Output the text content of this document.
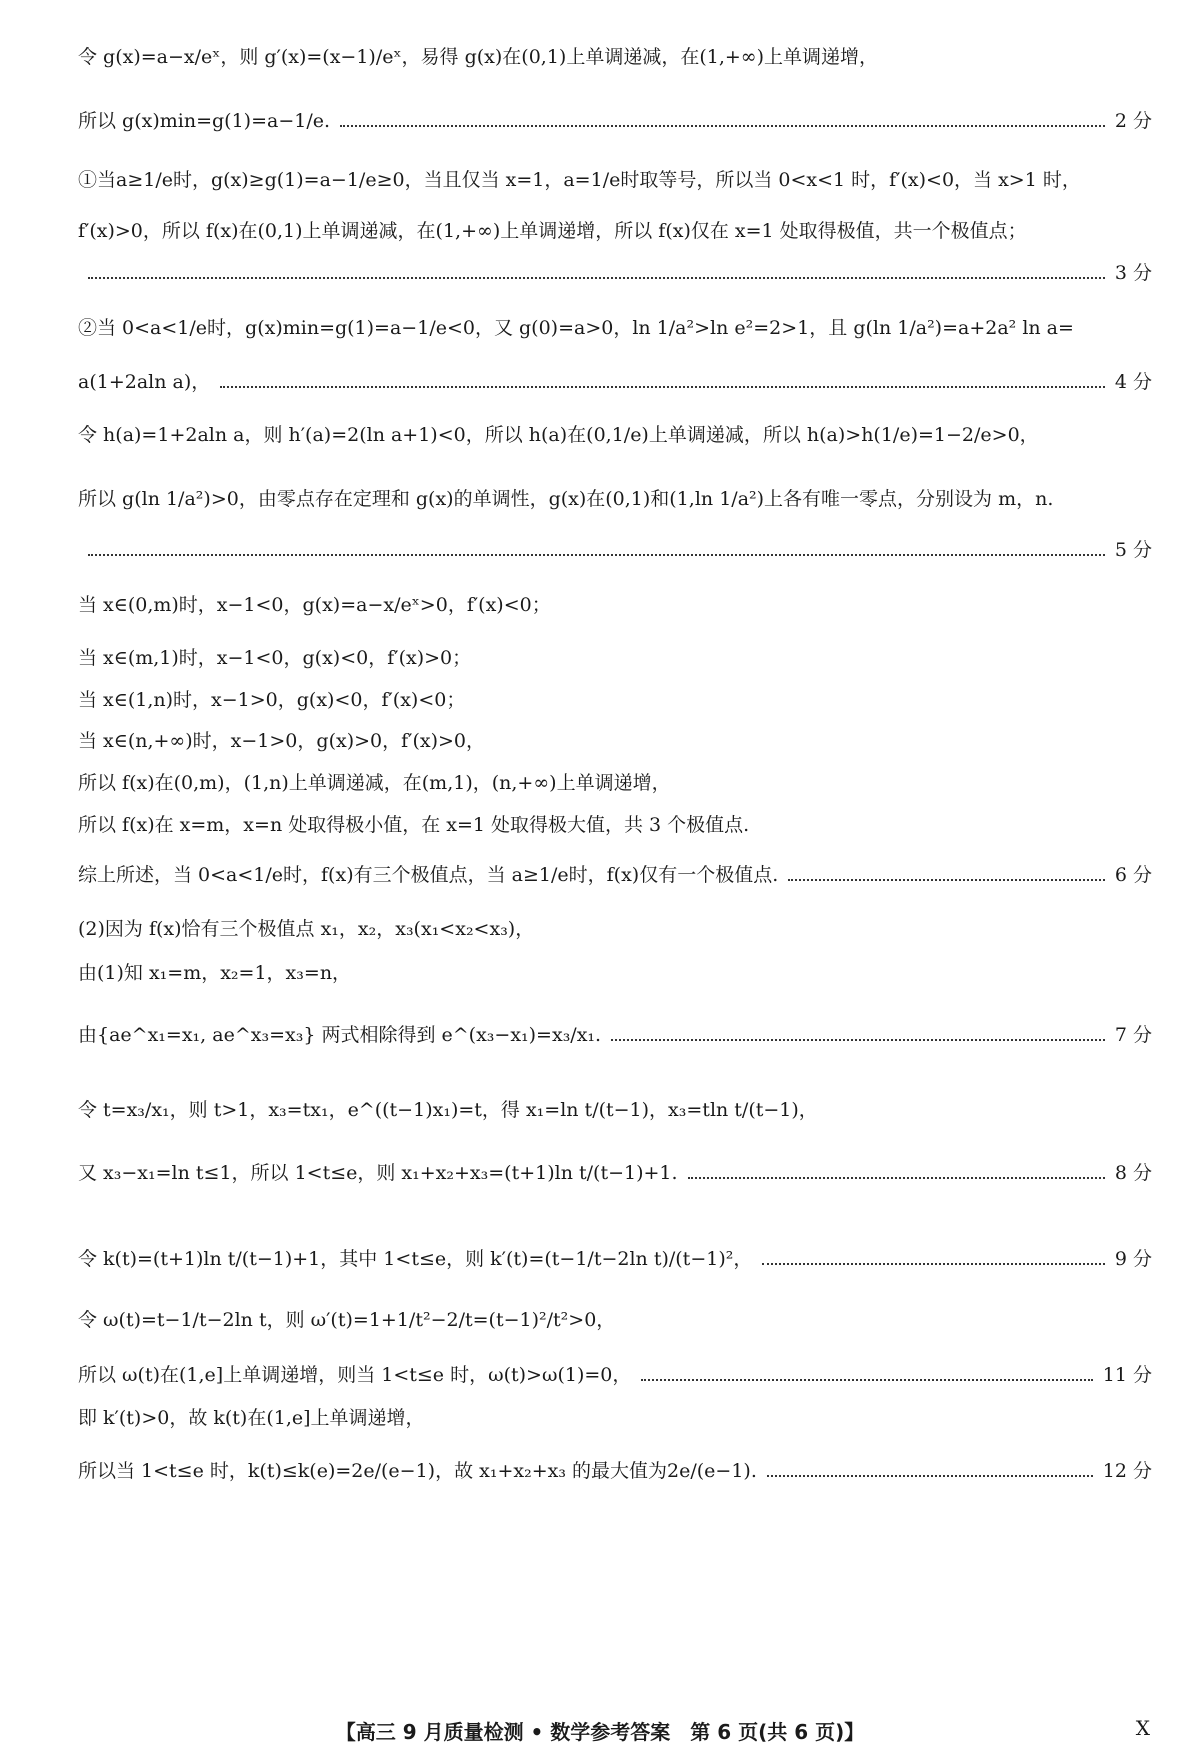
令 g(x)=a−x/eˣ，则 g′(x)=(x−1)/eˣ，易得 g(x)在(0,1)上单调递减，在(1,+∞)上单调递增，
所以 g(x)min=g(1)=a−1/e.	2 分
①当a≥1/e时，g(x)≥g(1)=a−1/e≥0，当且仅当 x=1，a=1/e时取等号，所以当 0<x<1 时，f′(x)<0，当 x>1 时，
f′(x)>0，所以 f(x)在(0,1)上单调递减，在(1,+∞)上单调递增，所以 f(x)仅在 x=1 处取得极值，共一个极值点；
3 分
②当 0<a<1/e时，g(x)min=g(1)=a−1/e<0，又 g(0)=a>0，ln 1/a²>ln e²=2>1，且 g(ln 1/a²)=a+2a² ln a=
a(1+2aln a)，	4 分
令 h(a)=1+2aln a，则 h′(a)=2(ln a+1)<0，所以 h(a)在(0,1/e)上单调递减，所以 h(a)>h(1/e)=1−2/e>0，
所以 g(ln 1/a²)>0，由零点存在定理和 g(x)的单调性，g(x)在(0,1)和(1,ln 1/a²)上各有唯一零点，分别设为 m，n.
5 分
当 x∈(0,m)时，x−1<0，g(x)=a−x/eˣ>0，f′(x)<0；
当 x∈(m,1)时，x−1<0，g(x)<0，f′(x)>0；
当 x∈(1,n)时，x−1>0，g(x)<0，f′(x)<0；
当 x∈(n,+∞)时，x−1>0，g(x)>0，f′(x)>0，
所以 f(x)在(0,m)，(1,n)上单调递减，在(m,1)，(n,+∞)上单调递增，
所以 f(x)在 x=m，x=n 处取得极小值，在 x=1 处取得极大值，共 3 个极值点.
综上所述，当 0<a<1/e时，f(x)有三个极值点，当 a≥1/e时，f(x)仅有一个极值点.	6 分
(2)因为 f(x)恰有三个极值点 x₁，x₂，x₃(x₁<x₂<x₃)，
由(1)知 x₁=m，x₂=1，x₃=n，
由{ae^x₁=x₁, ae^x₃=x₃} 两式相除得到 e^(x₃−x₁)=x₃/x₁.	7 分
令 t=x₃/x₁，则 t>1，x₃=tx₁，e^((t−1)x₁)=t，得 x₁=ln t/(t−1)，x₃=tln t/(t−1)，
又 x₃−x₁=ln t≤1，所以 1<t≤e，则 x₁+x₂+x₃=(t+1)ln t/(t−1)+1.	8 分
令 k(t)=(t+1)ln t/(t−1)+1，其中 1<t≤e，则 k′(t)=(t−1/t−2ln t)/(t−1)²，	9 分
令 ω(t)=t−1/t−2ln t，则 ω′(t)=1+1/t²−2/t=(t−1)²/t²>0，
所以 ω(t)在(1,e]上单调递增，则当 1<t≤e 时，ω(t)>ω(1)=0，	11 分
即 k′(t)>0，故 k(t)在(1,e]上单调递增，
所以当 1<t≤e 时，k(t)≤k(e)=2e/(e−1)，故 x₁+x₂+x₃ 的最大值为2e/(e−1).	12 分
【高三 9 月质量检测 • 数学参考答案　第 6 页(共 6 页)】	X
